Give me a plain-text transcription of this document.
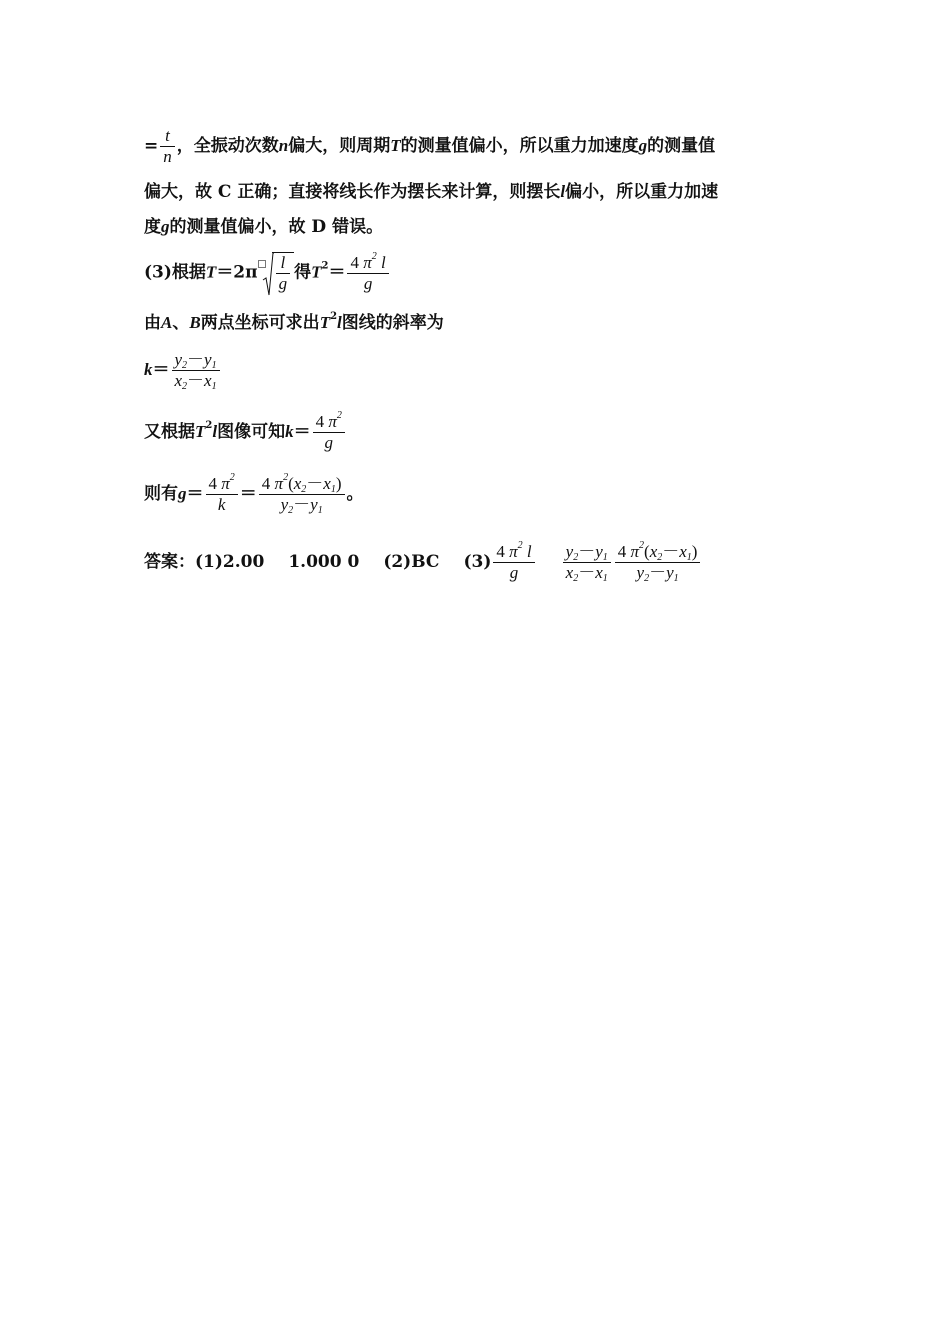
= $\frac{t}{n}$ ，全振动次数n偏大，则周期T的测量值偏小，所以重力加速度g的测量值
偏大，故 C 正确；直接将线长作为摆长来计算，则摆长l偏小，所以重力加速
度g的测量值偏小，故 D 错误。
(3)根据$T=2\pi \frac{l}{g}$ 得$T^2= \frac{4 \pi^2 l}{g}$
由A、B两点坐标可求出$T^2l$图线的斜率为
$k= \frac{y_2-y_1}{x_2-x_1}$
又根据$T^2l$图像可知$k= \frac{4 \pi^2}{g}$
则有$g= \frac{4 \pi^2}{k} = \frac{4 \pi^2(x_2-x_1)}{y_2-y_1}$ 。
答案：(1)2.00 1.000 0 (2)BC $(3) \frac{4 \pi^2 l}{g} \frac{y_2-y_1}{x_2-x_1} \frac{4 \pi^2(x_2-x_1)}{y_2-y_1}$
